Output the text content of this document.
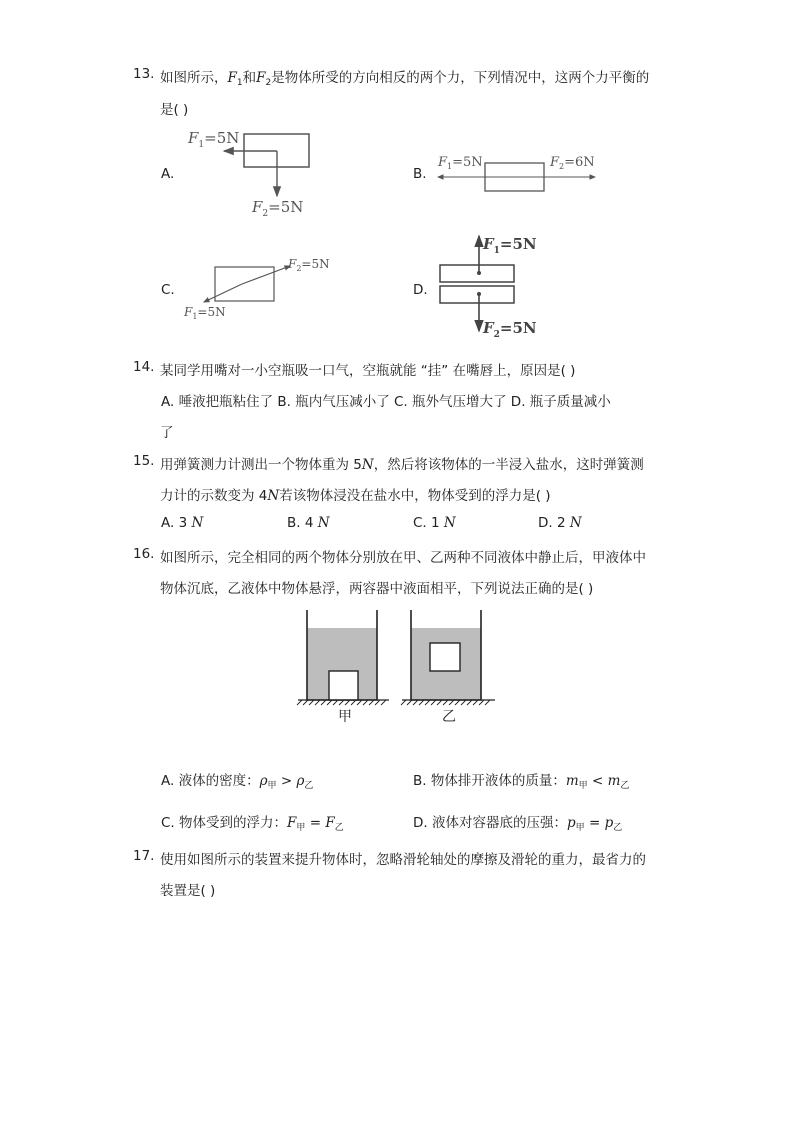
13. 如图所示，$F_1$和$F_2$是物体所受的方向相反的两个力，下列情况中，这两个力平衡的
是( )
A.
$F_1=5N$
$F_2=5N$
B.
$F_1=5N$	$F_2=6N$
C.
$F_2=5N$
$F_1=5N$
D.
$F_1=5N$
$F_2=5N$
14. 某同学用嘴对一小空瓶吸一口气，空瓶就能 “挂” 在嘴唇上，原因是( )
A. 唾液把瓶粘住了 B. 瓶内气压减小了 C. 瓶外气压增大了 D. 瓶子质量减小
了
15. 用弹簧测力计测出一个物体重为 5N，然后将该物体的一半浸入盐水，这时弹簧测
力计的示数变为 4N若该物体浸没在盐水中，物体受到的浮力是( )
A. 3 N	B. 4 N	C. 1 N	D. 2 N
16. 如图所示，完全相同的两个物体分别放在甲、乙两种不同液体中静止后，甲液体中
物体沉底，乙液体中物体悬浮，两容器中液面相平，下列说法正确的是( )
甲	乙
A. 液体的密度：$\rho_甲 > \rho_乙$	B. 物体排开液体的质量：$m_甲 < m_乙$
C. 物体受到的浮力：$F_甲 = F_乙$	D. 液体对容器底的压强：$p_甲 = p_乙$
17. 使用如图所示的装置来提升物体时，忽略滑轮轴处的摩擦及滑轮的重力，最省力的
装置是( )
